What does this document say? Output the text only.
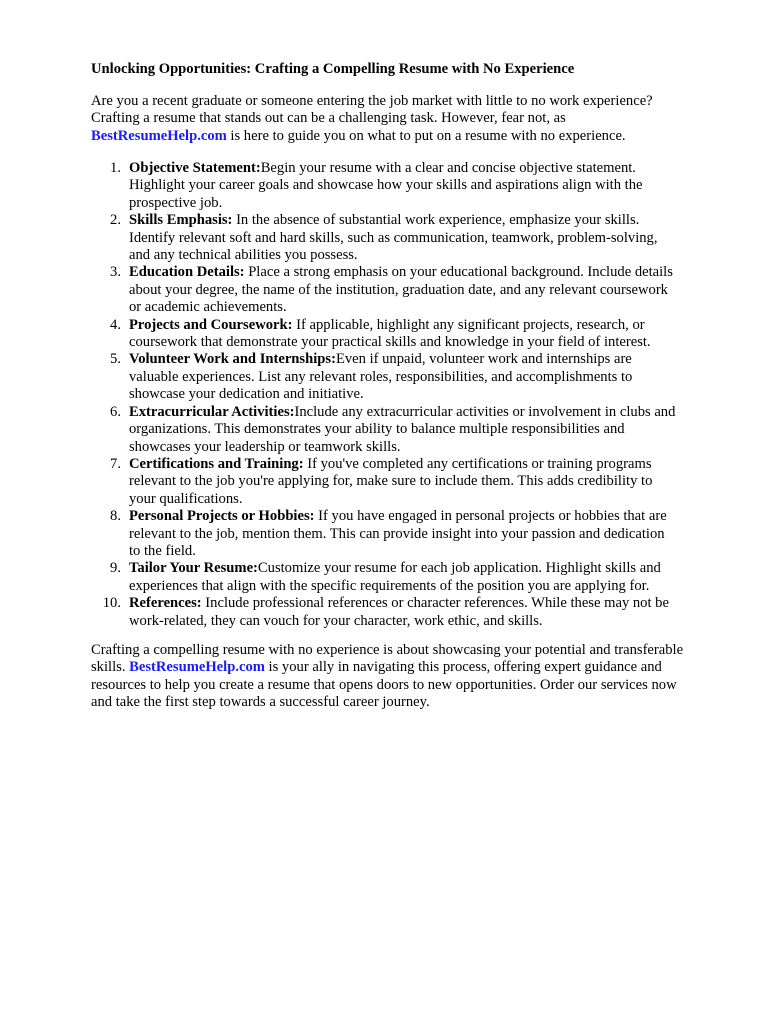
Unlocking Opportunities: Crafting a Compelling Resume with No Experience
Are you a recent graduate or someone entering the job market with little to no work experience?
Crafting a resume that stands out can be a challenging task. However, fear not, as
BestResumeHelp.com is here to guide you on what to put on a resume with no experience.
1. Objective Statement:Begin your resume with a clear and concise objective statement.
Highlight your career goals and showcase how your skills and aspirations align with the
prospective job.
2. Skills Emphasis: In the absence of substantial work experience, emphasize your skills.
Identify relevant soft and hard skills, such as communication, teamwork, problem-solving,
and any technical abilities you possess.
3. Education Details: Place a strong emphasis on your educational background. Include details
about your degree, the name of the institution, graduation date, and any relevant coursework
or academic achievements.
4. Projects and Coursework: If applicable, highlight any significant projects, research, or
coursework that demonstrate your practical skills and knowledge in your field of interest.
5. Volunteer Work and Internships:Even if unpaid, volunteer work and internships are
valuable experiences. List any relevant roles, responsibilities, and accomplishments to
showcase your dedication and initiative.
6. Extracurricular Activities:Include any extracurricular activities or involvement in clubs and
organizations. This demonstrates your ability to balance multiple responsibilities and
showcases your leadership or teamwork skills.
7. Certifications and Training: If you've completed any certifications or training programs
relevant to the job you're applying for, make sure to include them. This adds credibility to
your qualifications.
8. Personal Projects or Hobbies: If you have engaged in personal projects or hobbies that are
relevant to the job, mention them. This can provide insight into your passion and dedication
to the field.
9. Tailor Your Resume:Customize your resume for each job application. Highlight skills and
experiences that align with the specific requirements of the position you are applying for.
10. References: Include professional references or character references. While these may not be
work-related, they can vouch for your character, work ethic, and skills.
Crafting a compelling resume with no experience is about showcasing your potential and transferable
skills. BestResumeHelp.com is your ally in navigating this process, offering expert guidance and
resources to help you create a resume that opens doors to new opportunities. Order our services now
and take the first step towards a successful career journey.
